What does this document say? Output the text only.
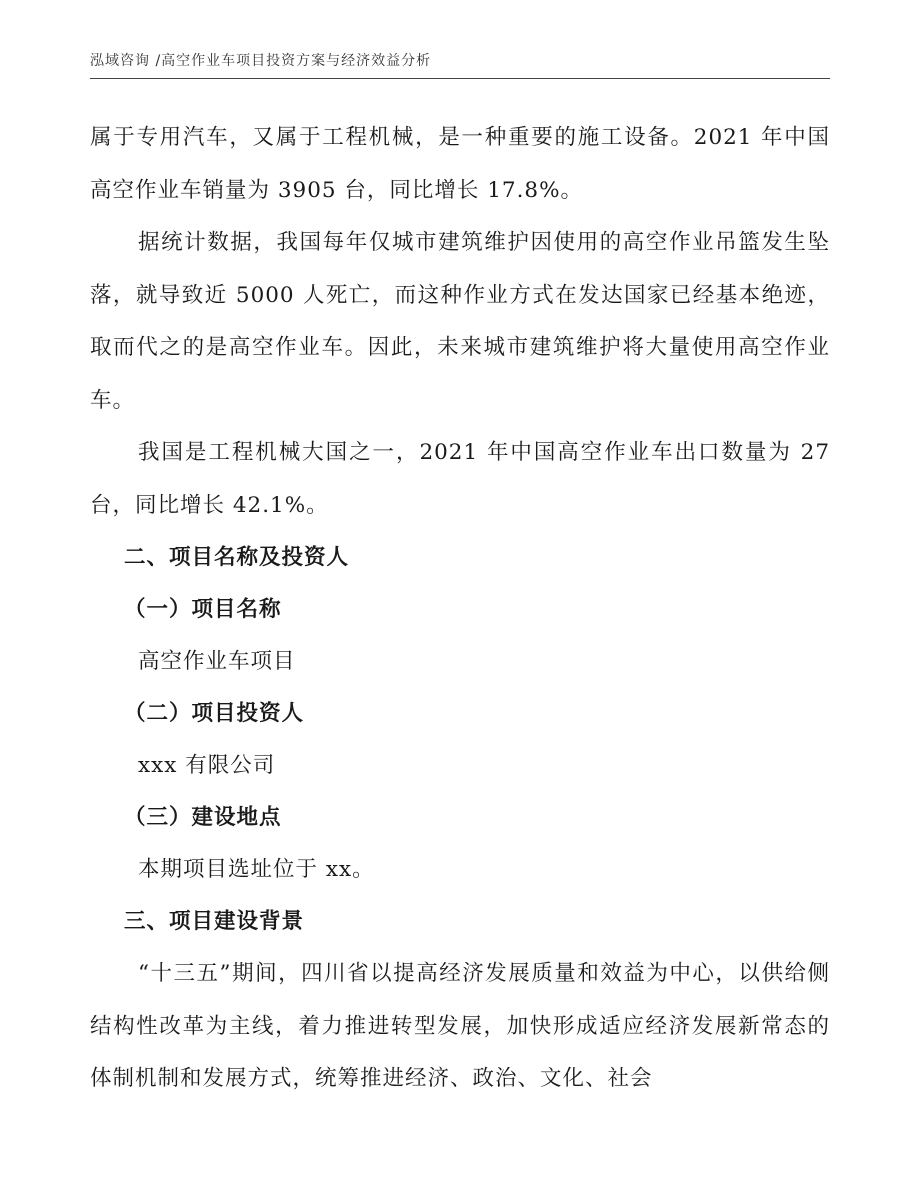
泓域咨询 /高空作业车项目投资方案与经济效益分析

属于专用汽车，又属于工程机械，是一种重要的施工设备。2021 年中国高空作业车销量为 3905 台，同比增长 17.8%。

据统计数据，我国每年仅城市建筑维护因使用的高空作业吊篮发生坠落，就导致近 5000 人死亡，而这种作业方式在发达国家已经基本绝迹，取而代之的是高空作业车。因此，未来城市建筑维护将大量使用高空作业车。

我国是工程机械大国之一，2021 年中国高空作业车出口数量为 27 台，同比增长 42.1%。

二、项目名称及投资人

（一）项目名称

高空作业车项目

（二）项目投资人

xxx 有限公司

（三）建设地点

本期项目选址位于 xx。

三、项目建设背景

“十三五”期间，四川省以提高经济发展质量和效益为中心，以供给侧结构性改革为主线，着力推进转型发展，加快形成适应经济发展新常态的体制机制和发展方式，统筹推进经济、政治、文化、社会
